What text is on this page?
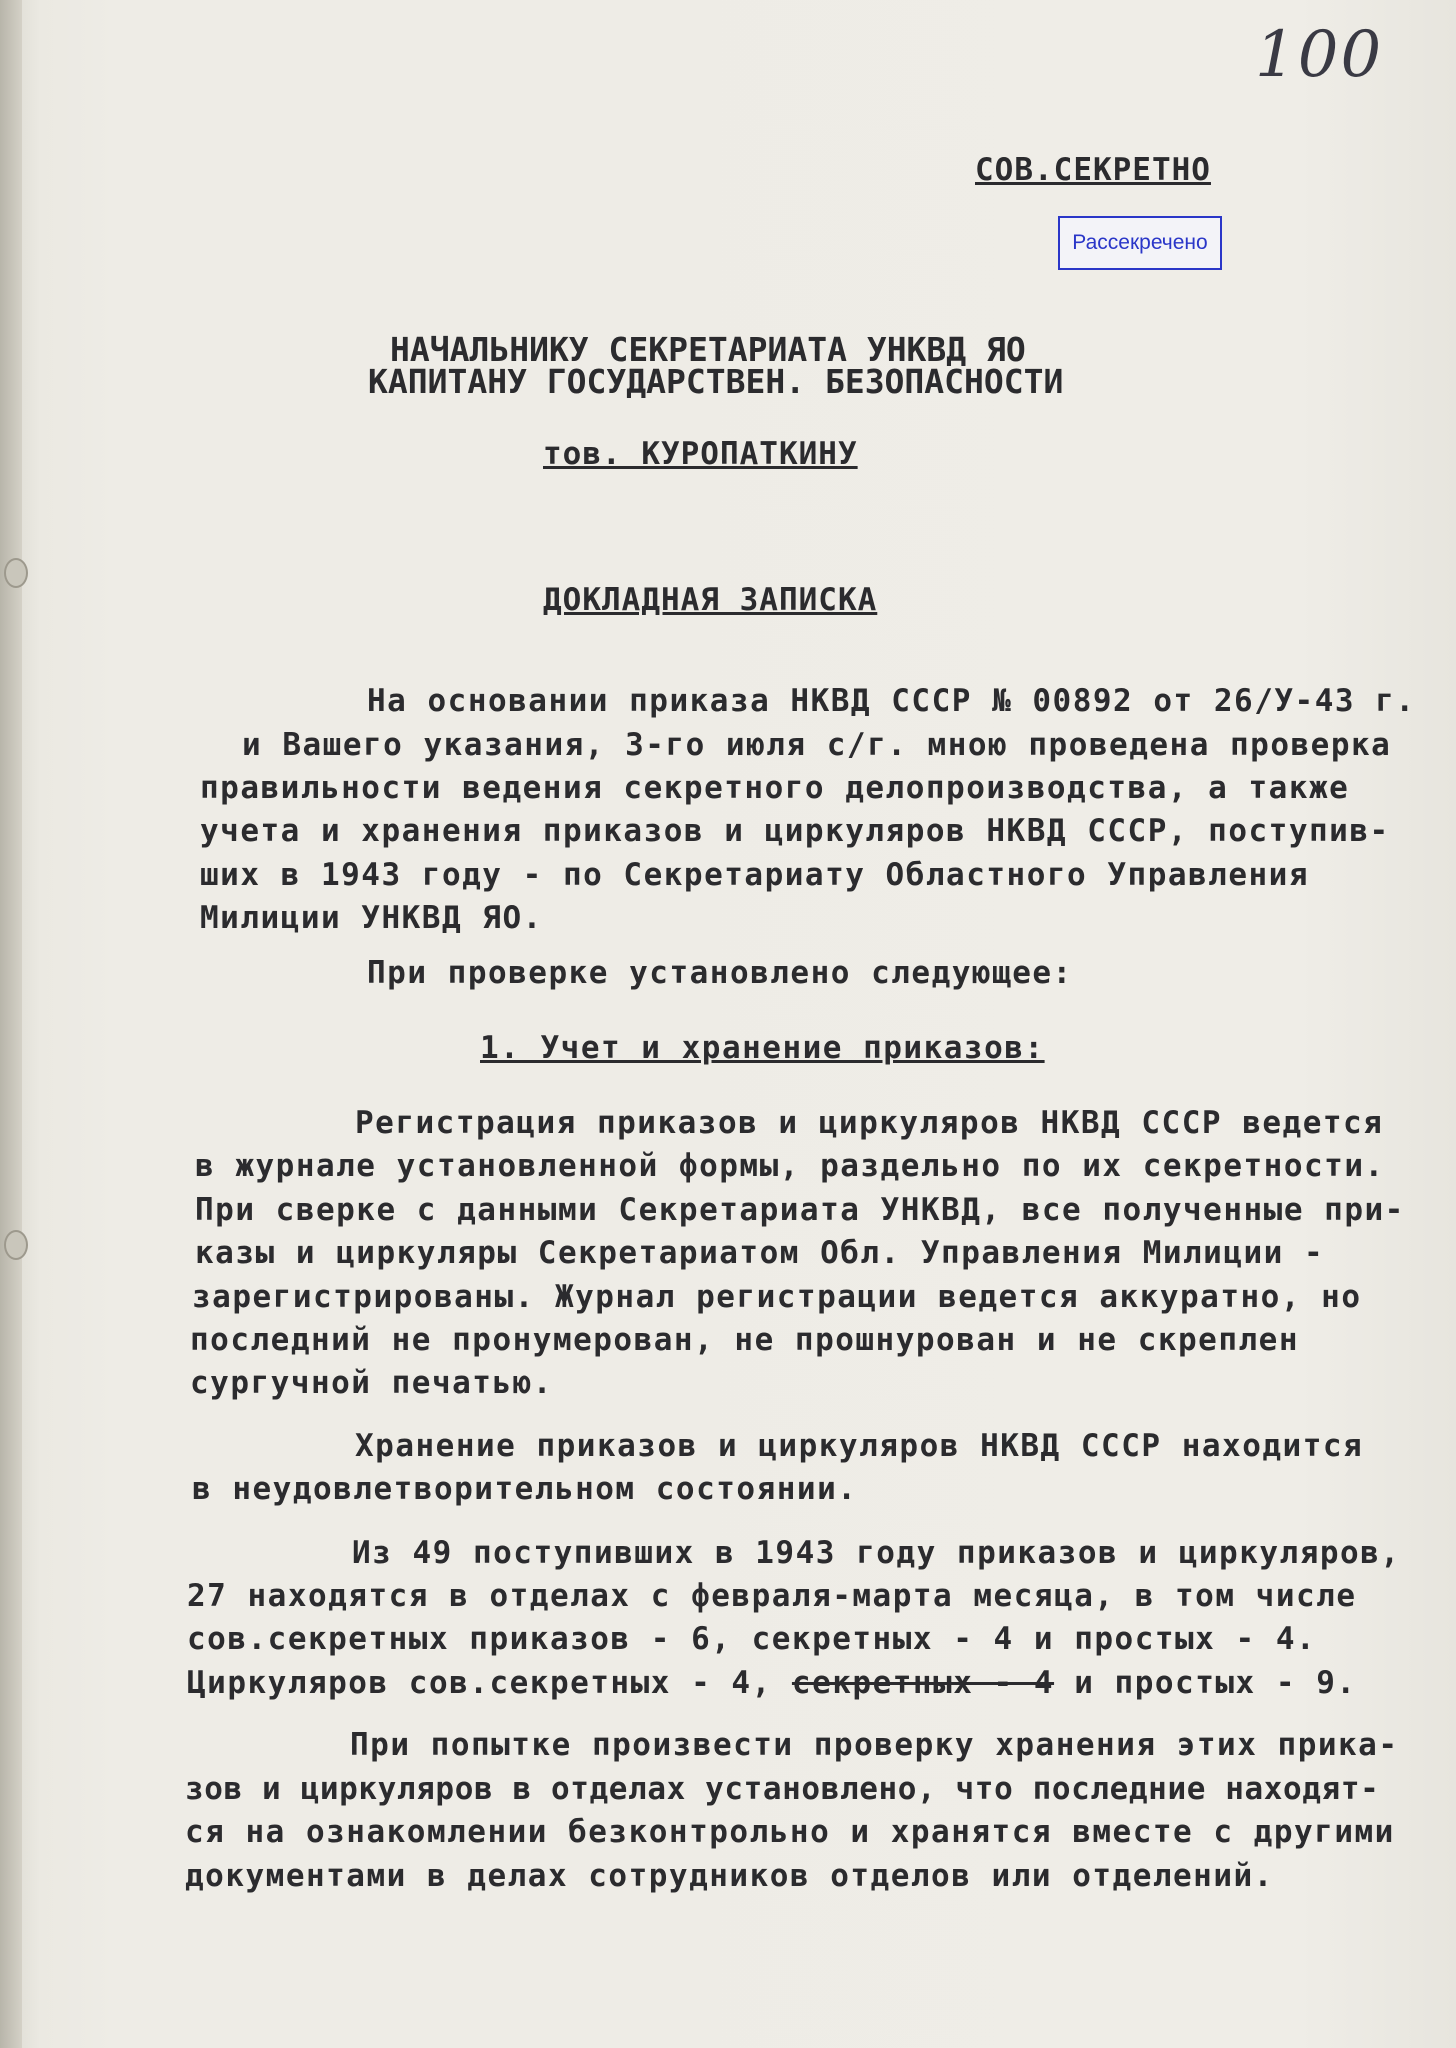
100
СОВ.СЕКРЕТНО
Рассекречено
НАЧАЛЬНИКУ СЕКРЕТАРИАТА УНКВД ЯО
КАПИТАНУ ГОСУДАРСТВЕН. БЕЗОПАСНОСТИ
тов. КУРОПАТКИНУ
ДОКЛАДНАЯ ЗАПИСКА
На основании приказа НКВД СССР № 00892 от 26/У-43 г.
и Вашего указания, 3-го июля с/г. мною проведена проверка
правильности ведения секретного делопроизводства, а также
учета и хранения приказов и циркуляров НКВД СССР, поступив-
ших в 1943 году - по Секретариату Областного Управления
Милиции УНКВД ЯО.
При проверке установлено следующее:
1. Учет и хранение приказов:
Регистрация приказов и циркуляров НКВД СССР ведется
в журнале установленной формы, раздельно по их секретности.
При сверке с данными Секретариата УНКВД, все полученные при-
казы и циркуляры Секретариатом Обл. Управления Милиции -
зарегистрированы. Журнал регистрации ведется аккуратно, но
последний не пронумерован, не прошнурован и не скреплен
сургучной печатью.
Хранение приказов и циркуляров НКВД СССР находится
в неудовлетворительном состоянии.
Из 49 поступивших в 1943 году приказов и циркуляров,
27 находятся в отделах с февраля-марта месяца, в том числе
сов.секретных приказов - 6, секретных - 4 и простых - 4.
Циркуляров сов.секретных - 4, секретных - 4 и простых - 9.
При попытке произвести проверку хранения этих прика-
зов и циркуляров в отделах установлено, что последние находят-
ся на ознакомлении безконтрольно и хранятся вместе с другими
документами в делах сотрудников отделов или отделений.
